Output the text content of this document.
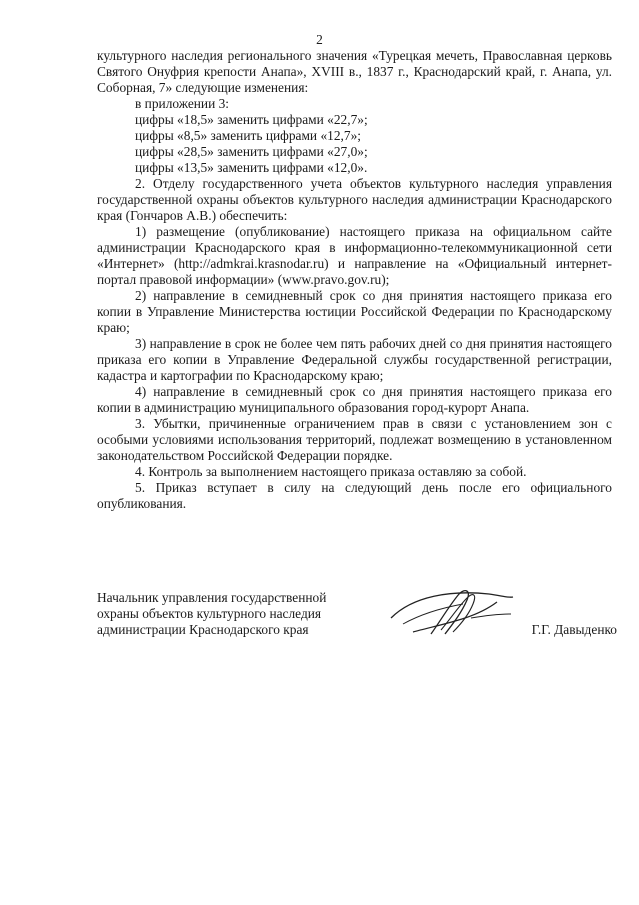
2

культурного наследия регионального значения «Турецкая мечеть, Православная церковь Святого Онуфрия крепости Анапа», XVIII в., 1837 г., Краснодарский край, г. Анапа, ул. Соборная, 7» следующие изменения:

в приложении 3:

цифры «18,5» заменить цифрами «22,7»;

цифры «8,5» заменить цифрами «12,7»;

цифры «28,5» заменить цифрами «27,0»;

цифры «13,5» заменить цифрами «12,0».

2. Отделу государственного учета объектов культурного наследия управления государственной охраны объектов культурного наследия администрации Краснодарского края (Гончаров А.В.) обеспечить:

1) размещение (опубликование) настоящего приказа на официальном сайте администрации Краснодарского края в информационно-телекоммуникационной сети «Интернет» (http://admkrai.krasnodar.ru) и направление на «Официальный интернет-портал правовой информации» (www.pravo.gov.ru);

2) направление в семидневный срок со дня принятия настоящего приказа его копии в Управление Министерства юстиции Российской Федерации по Краснодарскому краю;

3) направление в срок не более чем пять рабочих дней со дня принятия настоящего приказа его копии в Управление Федеральной службы государственной регистрации, кадастра и картографии по Краснодарскому краю;

4) направление в семидневный срок со дня принятия настоящего приказа его копии в администрацию муниципального образования город-курорт Анапа.

3. Убытки, причиненные ограничением прав в связи с установлением зон с особыми условиями использования территорий, подлежат возмещению в установленном законодательством Российской Федерации порядке.

4. Контроль за выполнением настоящего приказа оставляю за собой.

5. Приказ вступает в силу на следующий день после его официального опубликования.

Начальник управления государственной
охраны объектов культурного наследия
администрации Краснодарского края	Г.Г. Давыденко
